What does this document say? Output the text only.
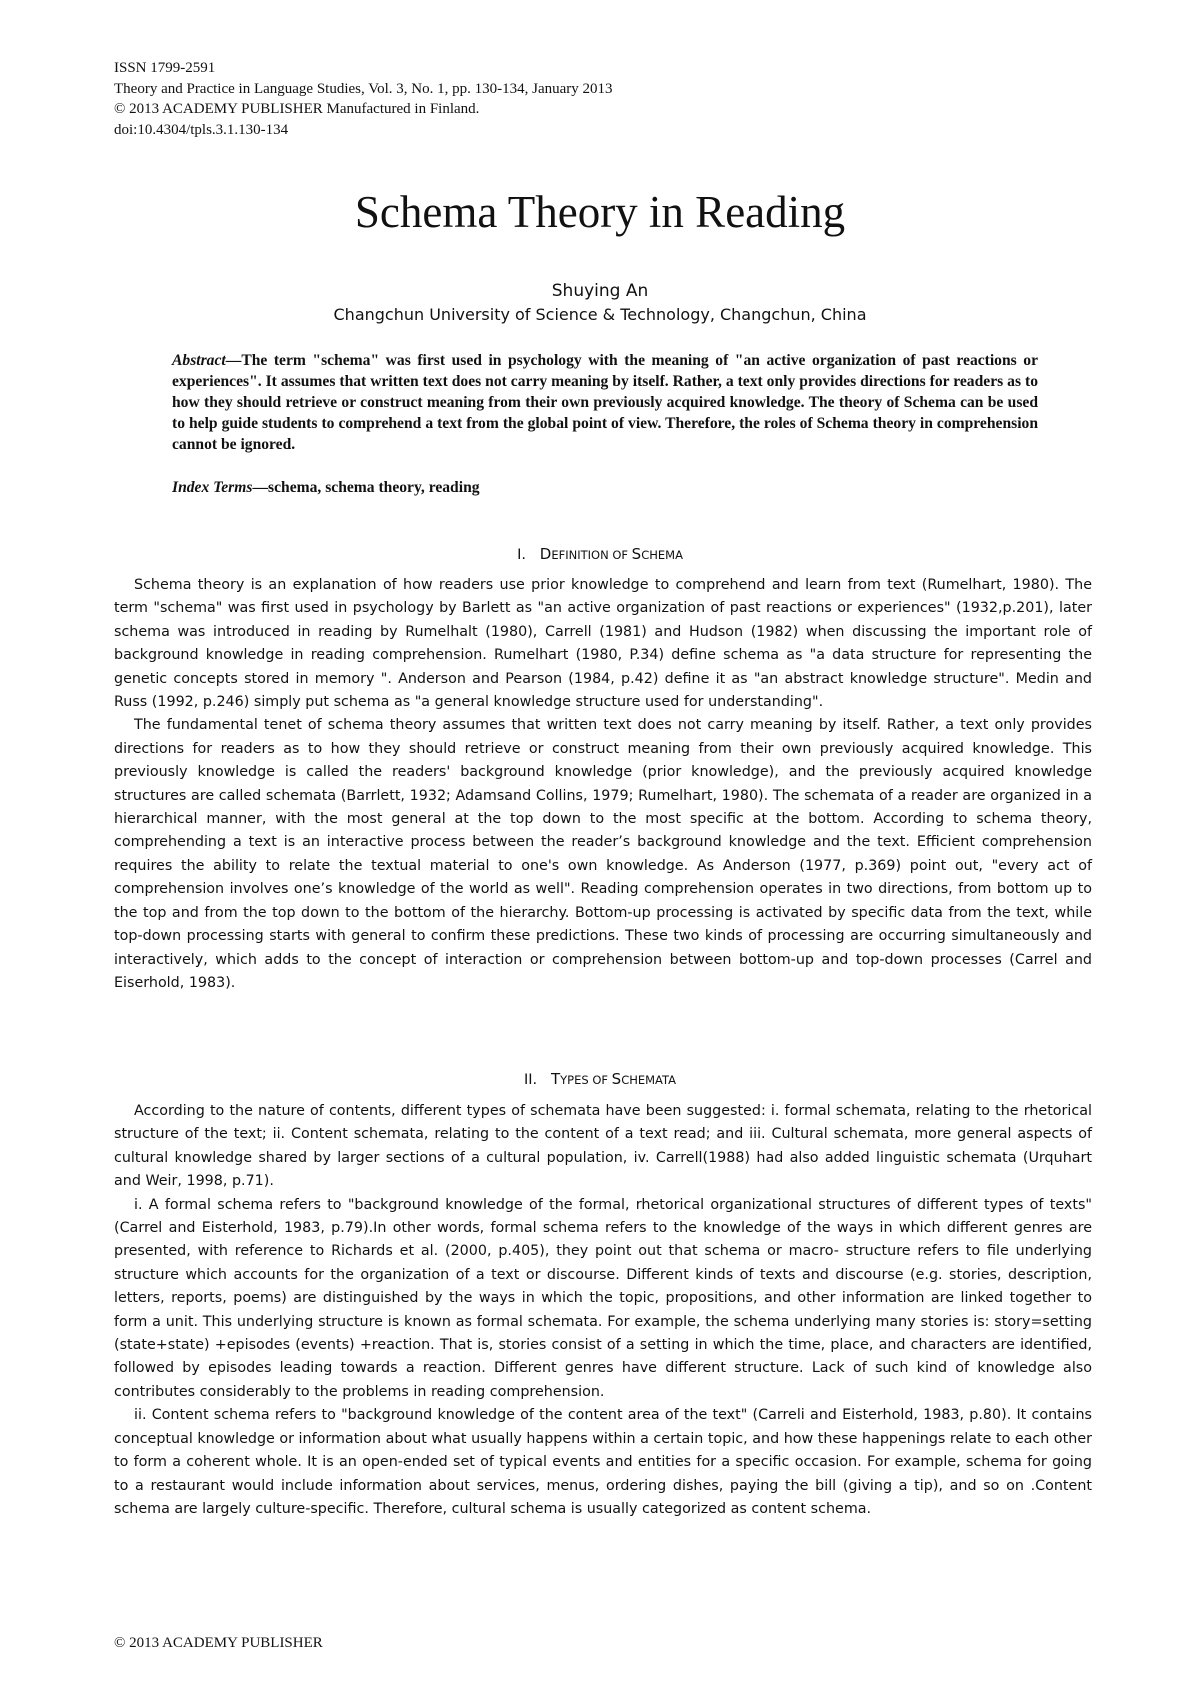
ISSN 1799-2591
Theory and Practice in Language Studies, Vol. 3, No. 1, pp. 130-134, January 2013
© 2013 ACADEMY PUBLISHER Manufactured in Finland.
doi:10.4304/tpls.3.1.130-134
Schema Theory in Reading
Shuying An
Changchun University of Science & Technology, Changchun, China
Abstract—The term "schema" was first used in psychology with the meaning of "an active organization of past reactions or experiences". It assumes that written text does not carry meaning by itself. Rather, a text only provides directions for readers as to how they should retrieve or construct meaning from their own previously acquired knowledge. The theory of Schema can be used to help guide students to comprehend a text from the global point of view. Therefore, the roles of Schema theory in comprehension cannot be ignored.
Index Terms—schema, schema theory, reading
I. DEFINITION OF SCHEMA

Schema theory is an explanation of how readers use prior knowledge to comprehend and learn from text (Rumelhart, 1980). The term "schema" was first used in psychology by Barlett as "an active organization of past reactions or experiences" (1932,p.201), later schema was introduced in reading by Rumelhalt (1980), Carrell (1981) and Hudson (1982) when discussing the important role of background knowledge in reading comprehension. Rumelhart (1980, P.34) define schema as "a data structure for representing the genetic concepts stored in memory ". Anderson and Pearson (1984, p.42) define it as "an abstract knowledge structure". Medin and Russ (1992, p.246) simply put schema as "a general knowledge structure used for understanding".

The fundamental tenet of schema theory assumes that written text does not carry meaning by itself. Rather, a text only provides directions for readers as to how they should retrieve or construct meaning from their own previously acquired knowledge. This previously knowledge is called the readers' background knowledge (prior knowledge), and the previously acquired knowledge structures are called schemata (Barrlett, 1932; Adamsand Collins, 1979; Rumelhart, 1980). The schemata of a reader are organized in a hierarchical manner, with the most general at the top down to the most specific at the bottom. According to schema theory, comprehending a text is an interactive process between the reader’s background knowledge and the text. Efficient comprehension requires the ability to relate the textual material to one's own knowledge. As Anderson (1977, p.369) point out, "every act of comprehension involves one’s knowledge of the world as well". Reading comprehension operates in two directions, from bottom up to the top and from the top down to the bottom of the hierarchy. Bottom-up processing is activated by specific data from the text, while top-down processing starts with general to confirm these predictions. These two kinds of processing are occurring simultaneously and interactively, which adds to the concept of interaction or comprehension between bottom-up and top-down processes (Carrel and Eiserhold, 1983).

II. TYPES OF SCHEMATA

According to the nature of contents, different types of schemata have been suggested: i. formal schemata, relating to the rhetorical structure of the text; ii. Content schemata, relating to the content of a text read; and iii. Cultural schemata, more general aspects of cultural knowledge shared by larger sections of a cultural population, iv. Carrell(1988) had also added linguistic schemata (Urquhart and Weir, 1998, p.71).

i. A formal schema refers to "background knowledge of the formal, rhetorical organizational structures of different types of texts" (Carrel and Eisterhold, 1983, p.79).In other words, formal schema refers to the knowledge of the ways in which different genres are presented, with reference to Richards et al. (2000, p.405), they point out that schema or macro- structure refers to file underlying structure which accounts for the organization of a text or discourse. Different kinds of texts and discourse (e.g. stories, description, letters, reports, poems) are distinguished by the ways in which the topic, propositions, and other information are linked together to form a unit. This underlying structure is known as formal schemata. For example, the schema underlying many stories is: story=setting (state+state) +episodes (events) +reaction. That is, stories consist of a setting in which the time, place, and characters are identified, followed by episodes leading towards a reaction. Different genres have different structure. Lack of such kind of knowledge also contributes considerably to the problems in reading comprehension.

ii. Content schema refers to "background knowledge of the content area of the text" (Carreli and Eisterhold, 1983, p.80). It contains conceptual knowledge or information about what usually happens within a certain topic, and how these happenings relate to each other to form a coherent whole. It is an open-ended set of typical events and entities for a specific occasion. For example, schema for going to a restaurant would include information about services, menus, ordering dishes, paying the bill (giving a tip), and so on .Content schema are largely culture-specific. Therefore, cultural schema is usually categorized as content schema.

© 2013 ACADEMY PUBLISHER
